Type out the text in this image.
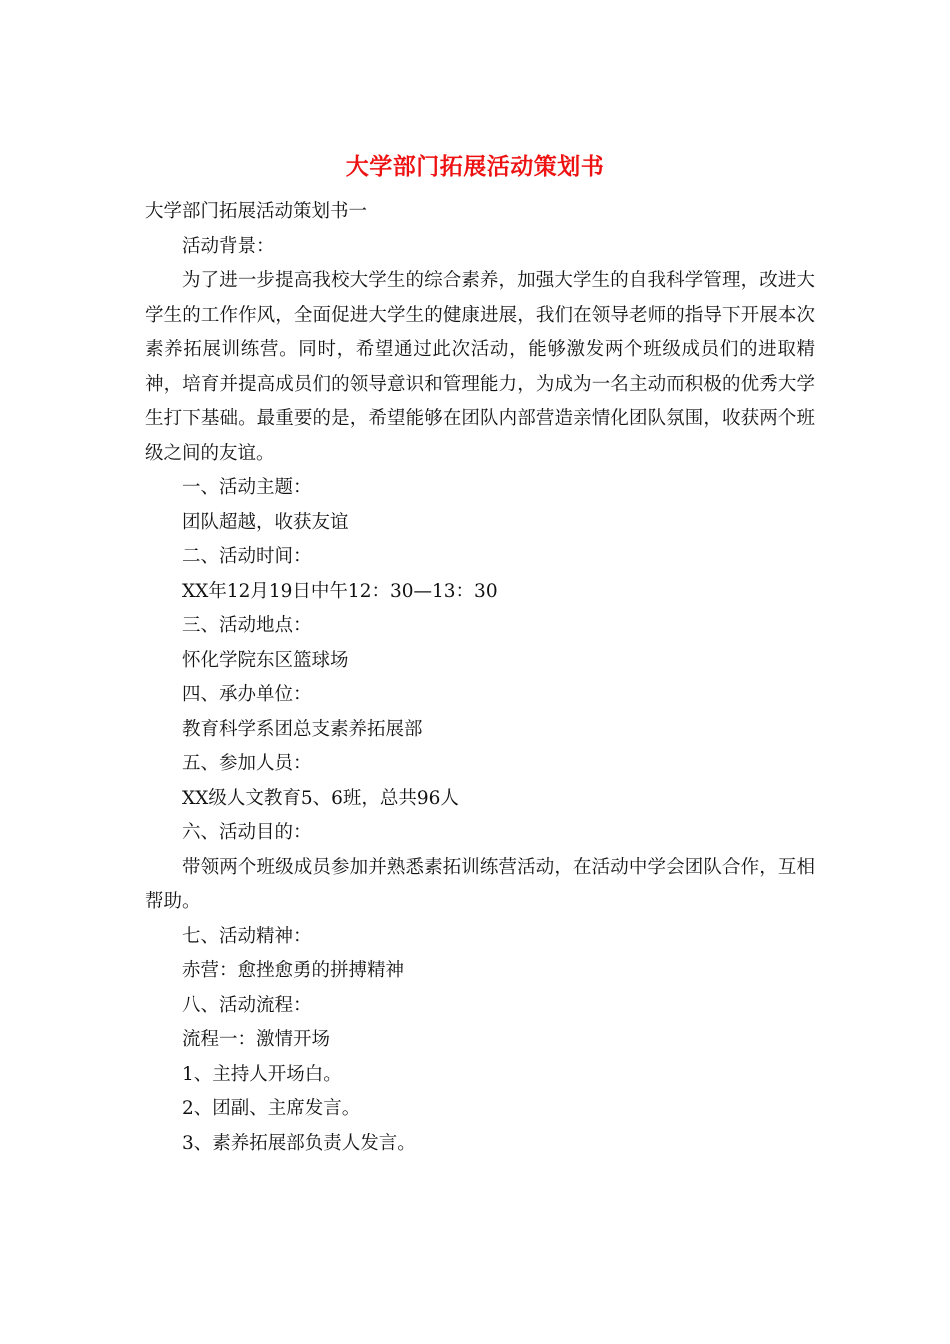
大学部门拓展活动策划书

大学部门拓展活动策划书一

活动背景：

为了进一步提高我校大学生的综合素养，加强大学生的自我科学管理，改进大学生的工作作风，全面促进大学生的健康进展，我们在领导老师的指导下开展本次素养拓展训练营。同时，希望通过此次活动，能够激发两个班级成员们的进取精神，培育并提高成员们的领导意识和管理能力，为成为一名主动而积极的优秀大学生打下基础。最重要的是，希望能够在团队内部营造亲情化团队氛围，收获两个班级之间的友谊。

一、活动主题：

团队超越，收获友谊

二、活动时间：

XX年12月19日中午12：30—13：30

三、活动地点：

怀化学院东区篮球场

四、承办单位：

教育科学系团总支素养拓展部

五、参加人员：

XX级人文教育5、6班，总共96人

六、活动目的：

带领两个班级成员参加并熟悉素拓训练营活动，在活动中学会团队合作，互相帮助。

七、活动精神：

赤营：愈挫愈勇的拼搏精神

八、活动流程：

流程一：激情开场

1、主持人开场白。

2、团副、主席发言。

3、素养拓展部负责人发言。
